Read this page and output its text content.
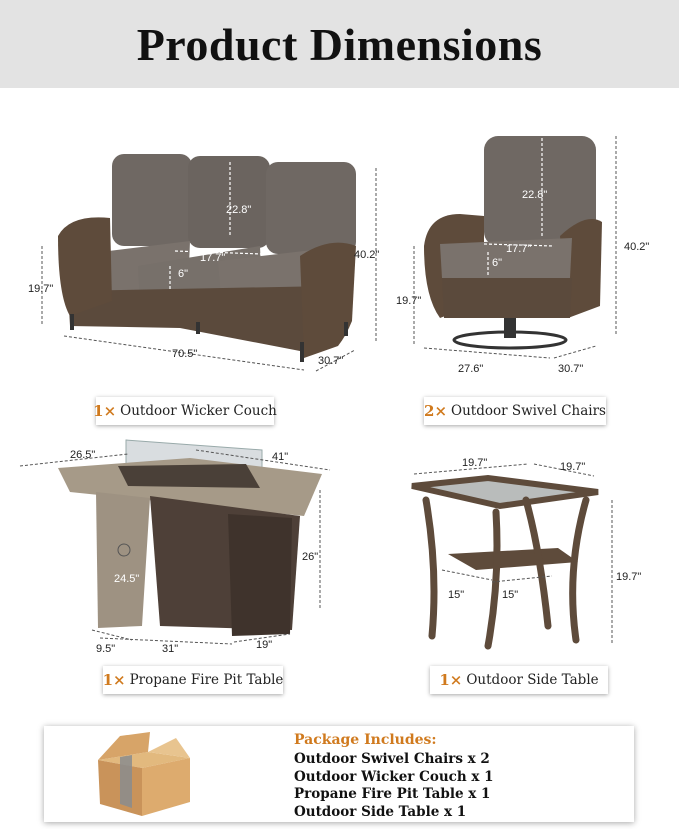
Product Dimensions
22.8"
17.7"
6"
40.2"
19.7"
70.5"
30.7"
1× Outdoor Wicker Couch
22.8"
17.7"
6"
40.2"
19.7"
27.6"	30.7"
2× Outdoor Swivel Chairs
26.5"	41"
26"
24.5"
9.5"	31"	19"
1× Propane Fire Pit Table
19.7"	19.7"
19.7"
15"	15"
1× Outdoor Side Table
Package Includes:
Outdoor Swivel Chairs x 2
Outdoor Wicker Couch x 1
Propane Fire Pit Table x 1
Outdoor Side Table x 1
